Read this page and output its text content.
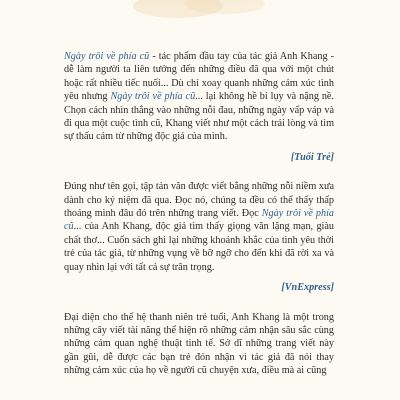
Ngày trôi về phía cũ - tác phẩm đầu tay của tác giả Anh Khang - dễ làm người ta liên tưởng đến những điều đã qua với một chút hoặc rất nhiều tiếc nuối... Dù chỉ xoay quanh những cảm xúc tình yêu nhưng Ngày trôi về phía cũ... lại không hề bi lụy và nặng nề. Chọn cách nhìn thẳng vào những nỗi đau, những ngày vấp váp và đi qua một cuộc tình cũ, Khang viết như một cách trải lòng và tìm sự thấu cảm từ những độc giả của mình.

[Tuổi Trẻ]

Đúng như tên gọi, tập tản văn được viết bằng những nỗi niềm xưa dành cho ký niệm đã qua. Đọc nó, chúng ta đều có thể thấy thấp thoáng mình đâu đó trên những trang viết. Đọc Ngày trôi về phía cũ... của Anh Khang, độc giả tìm thấy giọng văn lặng mạn, giàu chất thơ... Cuốn sách ghi lại những khoảnh khắc của tình yêu thời trẻ của tác giả, từ những vụng về bỡ ngỡ cho đến khi đã rời xa và quay nhìn lại với tất cả sự trân trọng.

[VnExpress]

Đại diện cho thế hệ thanh niên trẻ tuổi, Anh Khang là một trong những cây viết tài năng thể hiện rõ những cảm nhận sâu sắc cùng những cảm quan nghệ thuật tinh tế. Sở dĩ những trang viết này gần gũi, dễ được các bạn trẻ đón nhận vì tác giả đã nói thay những cảm xúc của họ về người cũ chuyện xưa, điều mà ai cũng
